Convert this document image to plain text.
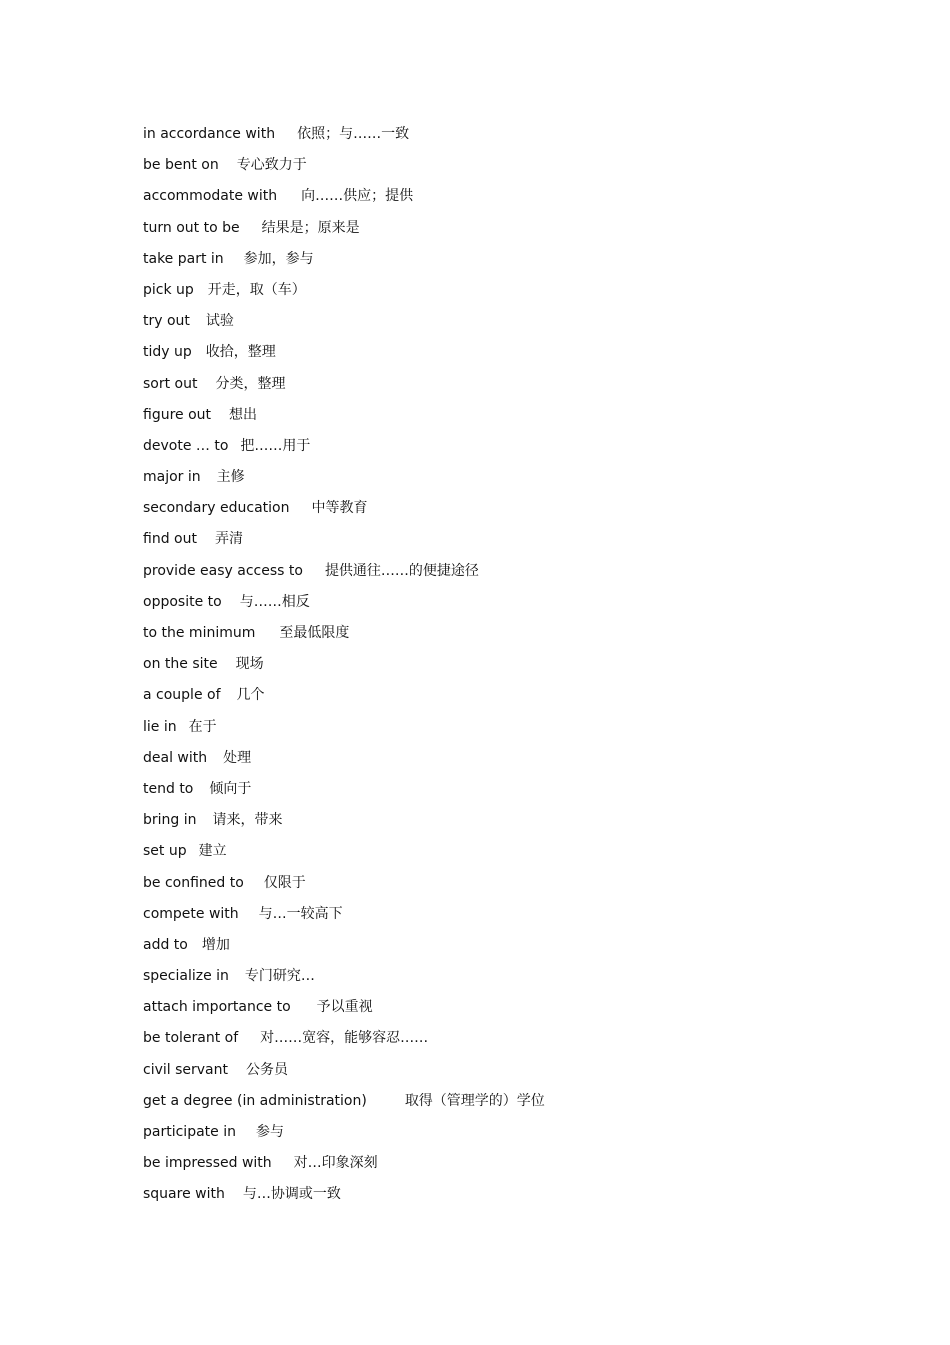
in accordance with 依照；与……一致
be bent on 专心致力于
accommodate with 向……供应；提供
turn out to be 结果是；原来是
take part in 参加，参与
pick up 开走，取（车）
try out 试验
tidy up 收拾，整理
sort out 分类，整理
figure out 想出
devote … to 把……用于
major in 主修
secondary education 中等教育
find out 弄清
provide easy access to 提供通往……的便捷途径
opposite to 与……相反
to the minimum 至最低限度
on the site 现场
a couple of 几个
lie in 在于
deal with 处理
tend to 倾向于
bring in 请来，带来
set up 建立
be confined to 仅限于
compete with 与…一较高下
add to 增加
specialize in 专门研究…
attach importance to 予以重视
be tolerant of 对……宽容，能够容忍……
civil servant 公务员
get a degree (in administration)	取得（管理学的）学位
participate in 参与
be impressed with 对…印象深刻
square with 与…协调或一致
